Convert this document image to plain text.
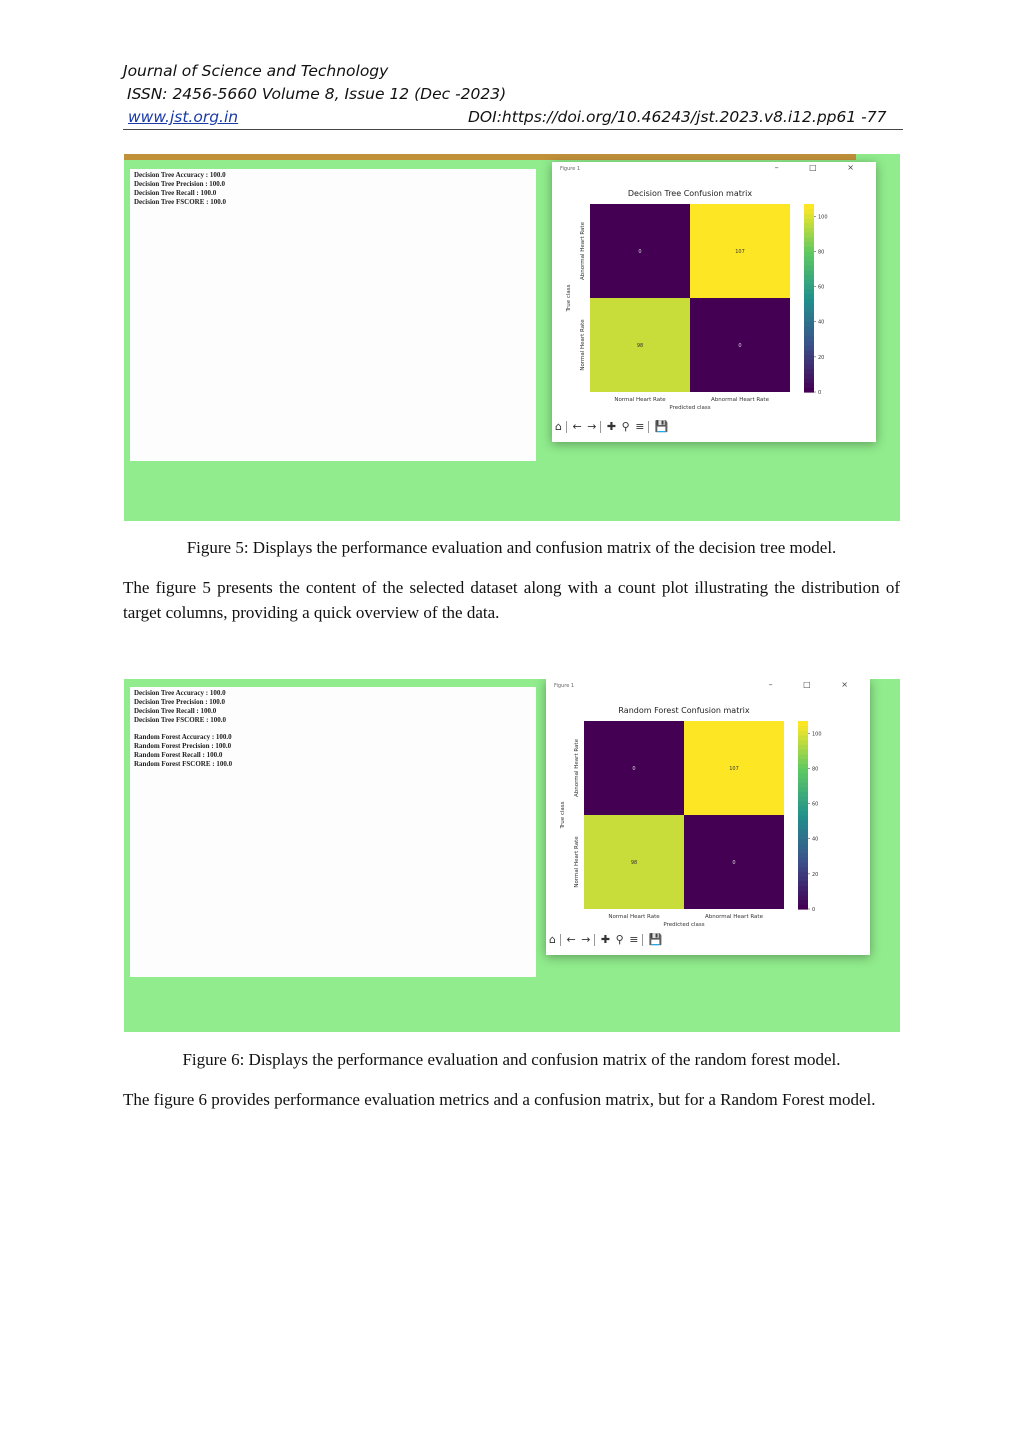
Journal of Science and Technology
ISSN: 2456-5660 Volume 8, Issue 12 (Dec -2023)
www.jst.org.in	DOI:https://doi.org/10.46243/jst.2023.v8.i12.pp61 -77
Decision Tree Accuracy : 100.0
Decision Tree Precision : 100.0
Decision Tree Recall : 100.0
Decision Tree FSCORE : 100.0
Figure 1	– □ ×
Decision Tree Confusion matrix
0	107
98	0
Normal Heart Rate	Abnormal Heart Rate
Abnormal Heart Rate
Normal Heart Rate
Predicted class
True class
0
20
40
60
80
100
⌂ ← → ✚ ⚲ ≡ 💾
Figure 5: Displays the performance evaluation and confusion matrix of the decision tree model.
The figure 5 presents the content of the selected dataset along with a count plot illustrating the distribution of target columns, providing a quick overview of the data.
Decision Tree Accuracy : 100.0
Decision Tree Precision : 100.0
Decision Tree Recall : 100.0
Decision Tree FSCORE : 100.0
Random Forest Accuracy : 100.0
Random Forest Precision : 100.0
Random Forest Recall : 100.0
Random Forest FSCORE : 100.0
Figure 1	– □ ×
Random Forest Confusion matrix
0	107
98	0
Normal Heart Rate	Abnormal Heart Rate
Abnormal Heart Rate
Normal Heart Rate
Predicted class
True class
0
20
40
60
80
100
⌂ ← → ✚ ⚲ ≡ 💾
Figure 6: Displays the performance evaluation and confusion matrix of the random forest model.
The figure 6 provides performance evaluation metrics and a confusion matrix, but for a Random Forest model.
